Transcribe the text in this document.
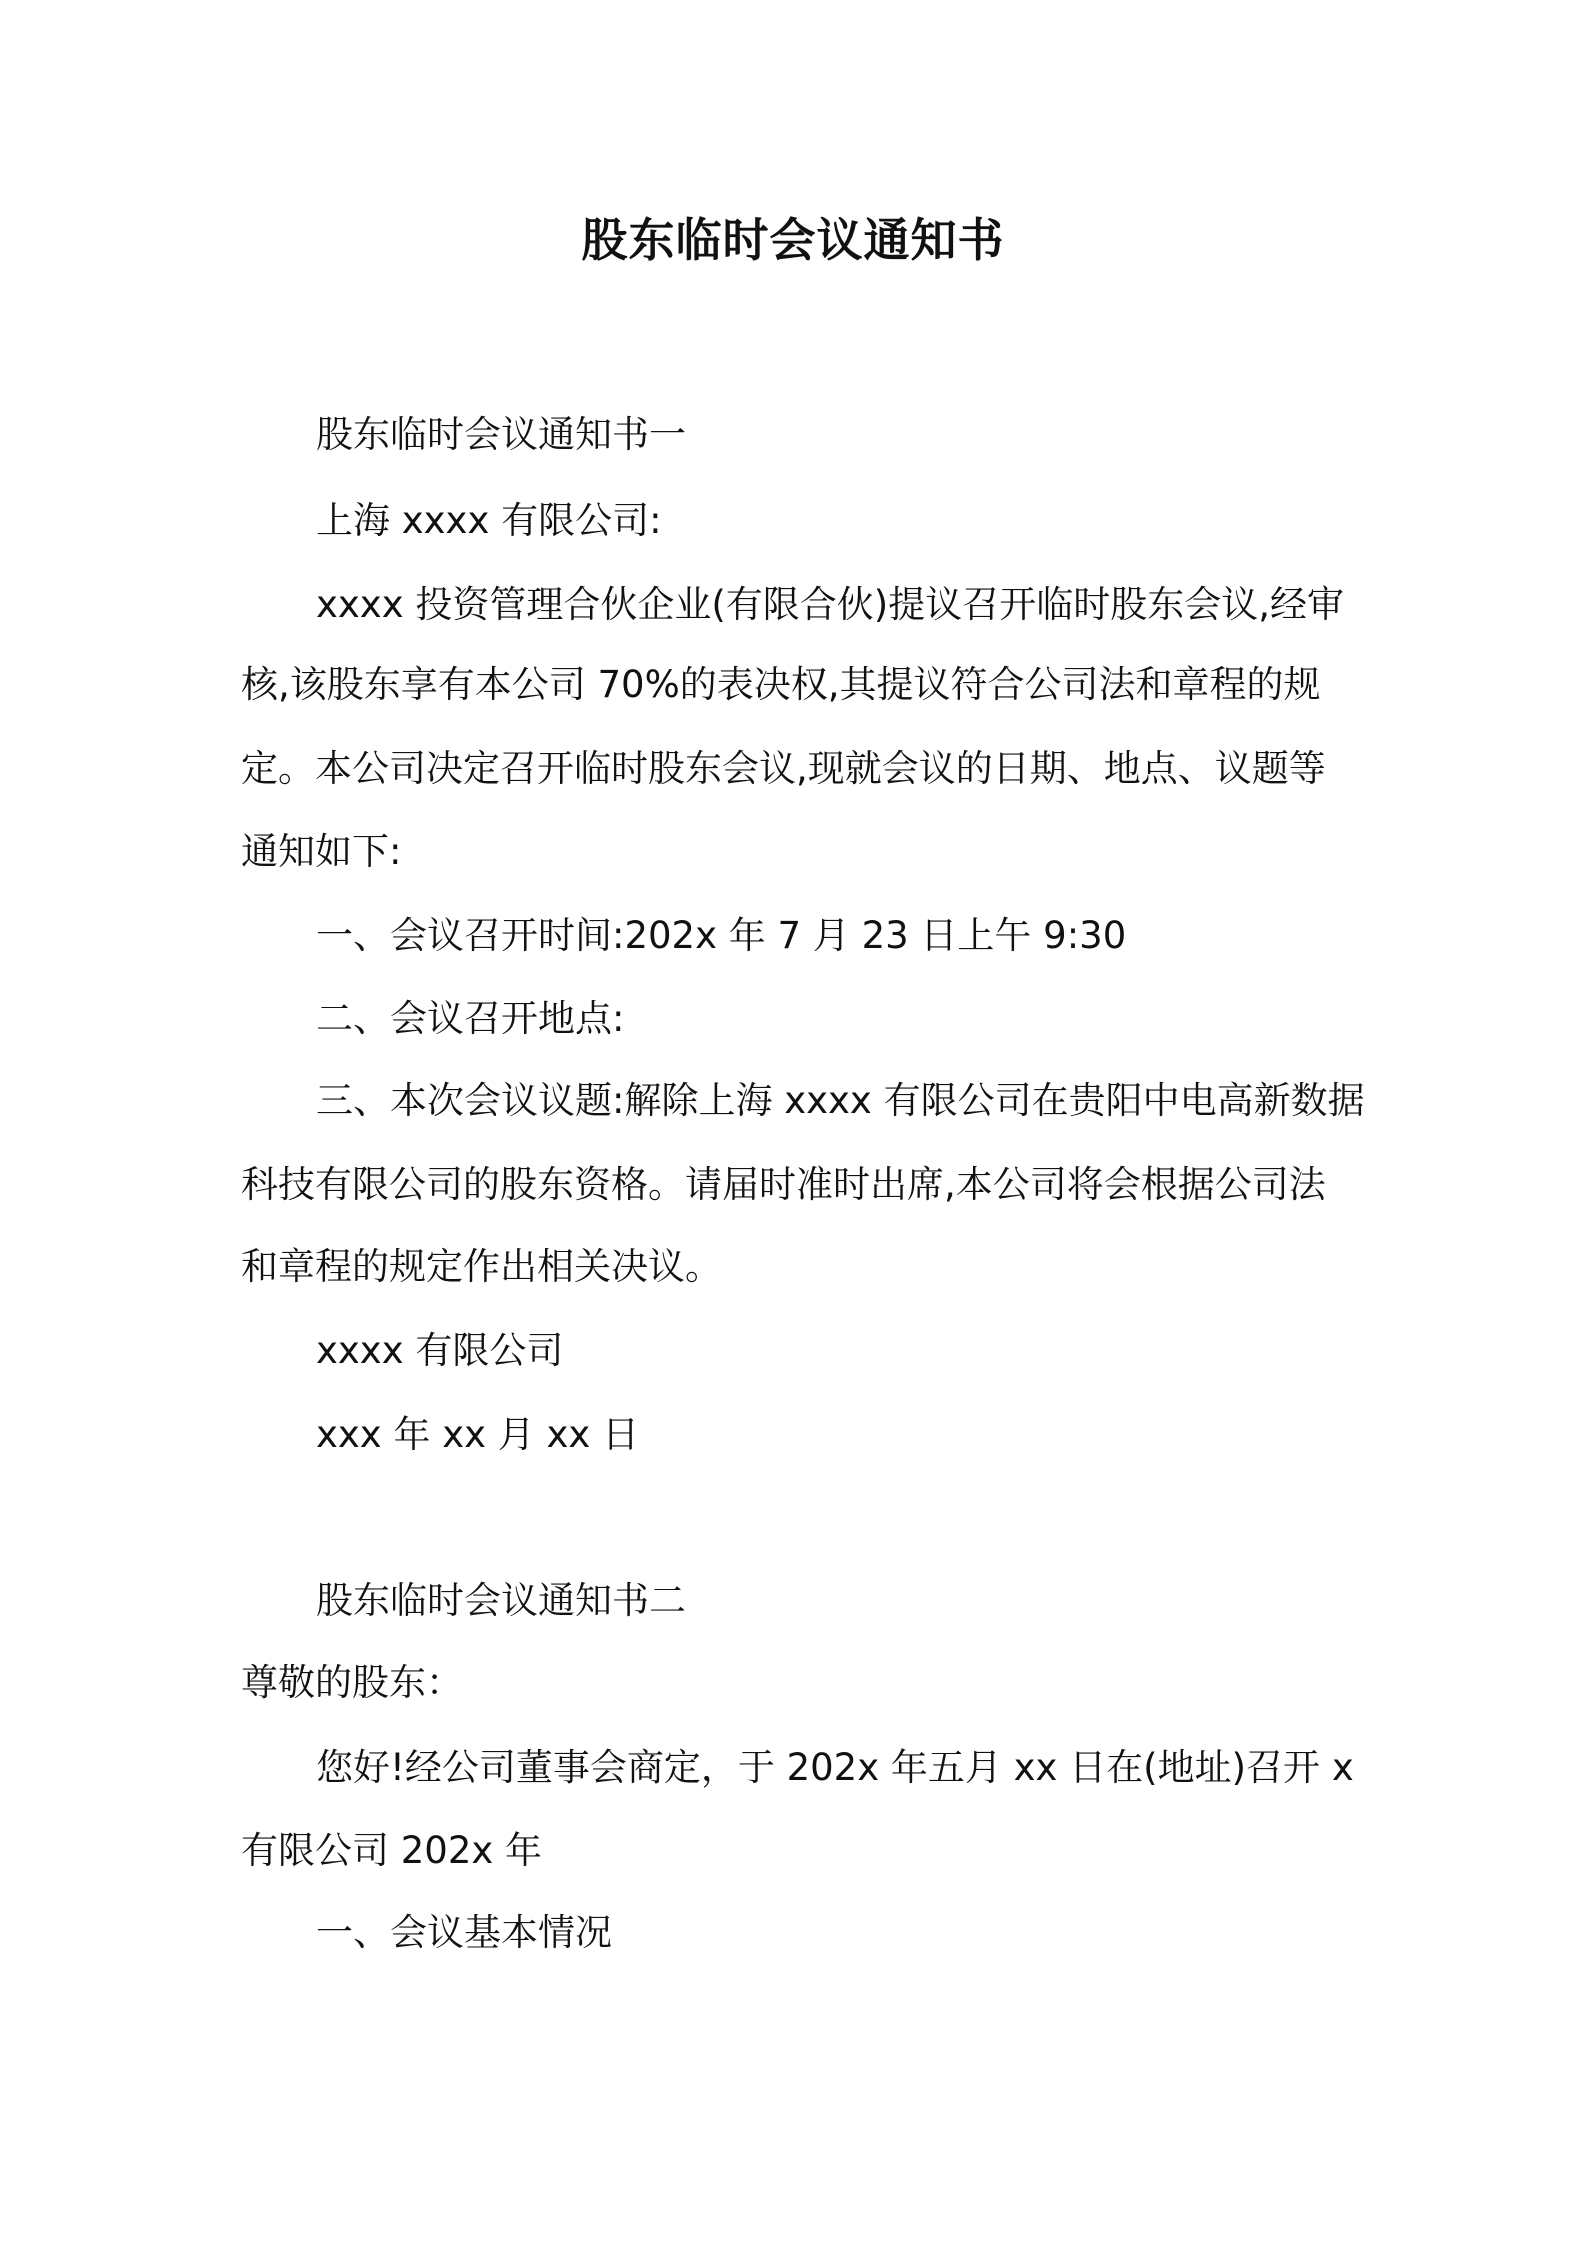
股东临时会议通知书
股东临时会议通知书一
上海 xxxx 有限公司:
xxxx 投资管理合伙企业(有限合伙)提议召开临时股东会议,经审
核,该股东享有本公司 70%的表决权,其提议符合公司法和章程的规
定。本公司决定召开临时股东会议,现就会议的日期、地点、议题等
通知如下:
一、会议召开时间:202x 年 7 月 23 日上午 9:30
二、会议召开地点:
三、本次会议议题:解除上海 xxxx 有限公司在贵阳中电高新数据
科技有限公司的股东资格。请届时准时出席,本公司将会根据公司法
和章程的规定作出相关决议。
xxxx 有限公司
xxx 年 xx 月 xx 日
股东临时会议通知书二
尊敬的股东：
您好!经公司董事会商定，于 202x 年五月 xx 日在(地址)召开 x
有限公司 202x 年
一、会议基本情况
